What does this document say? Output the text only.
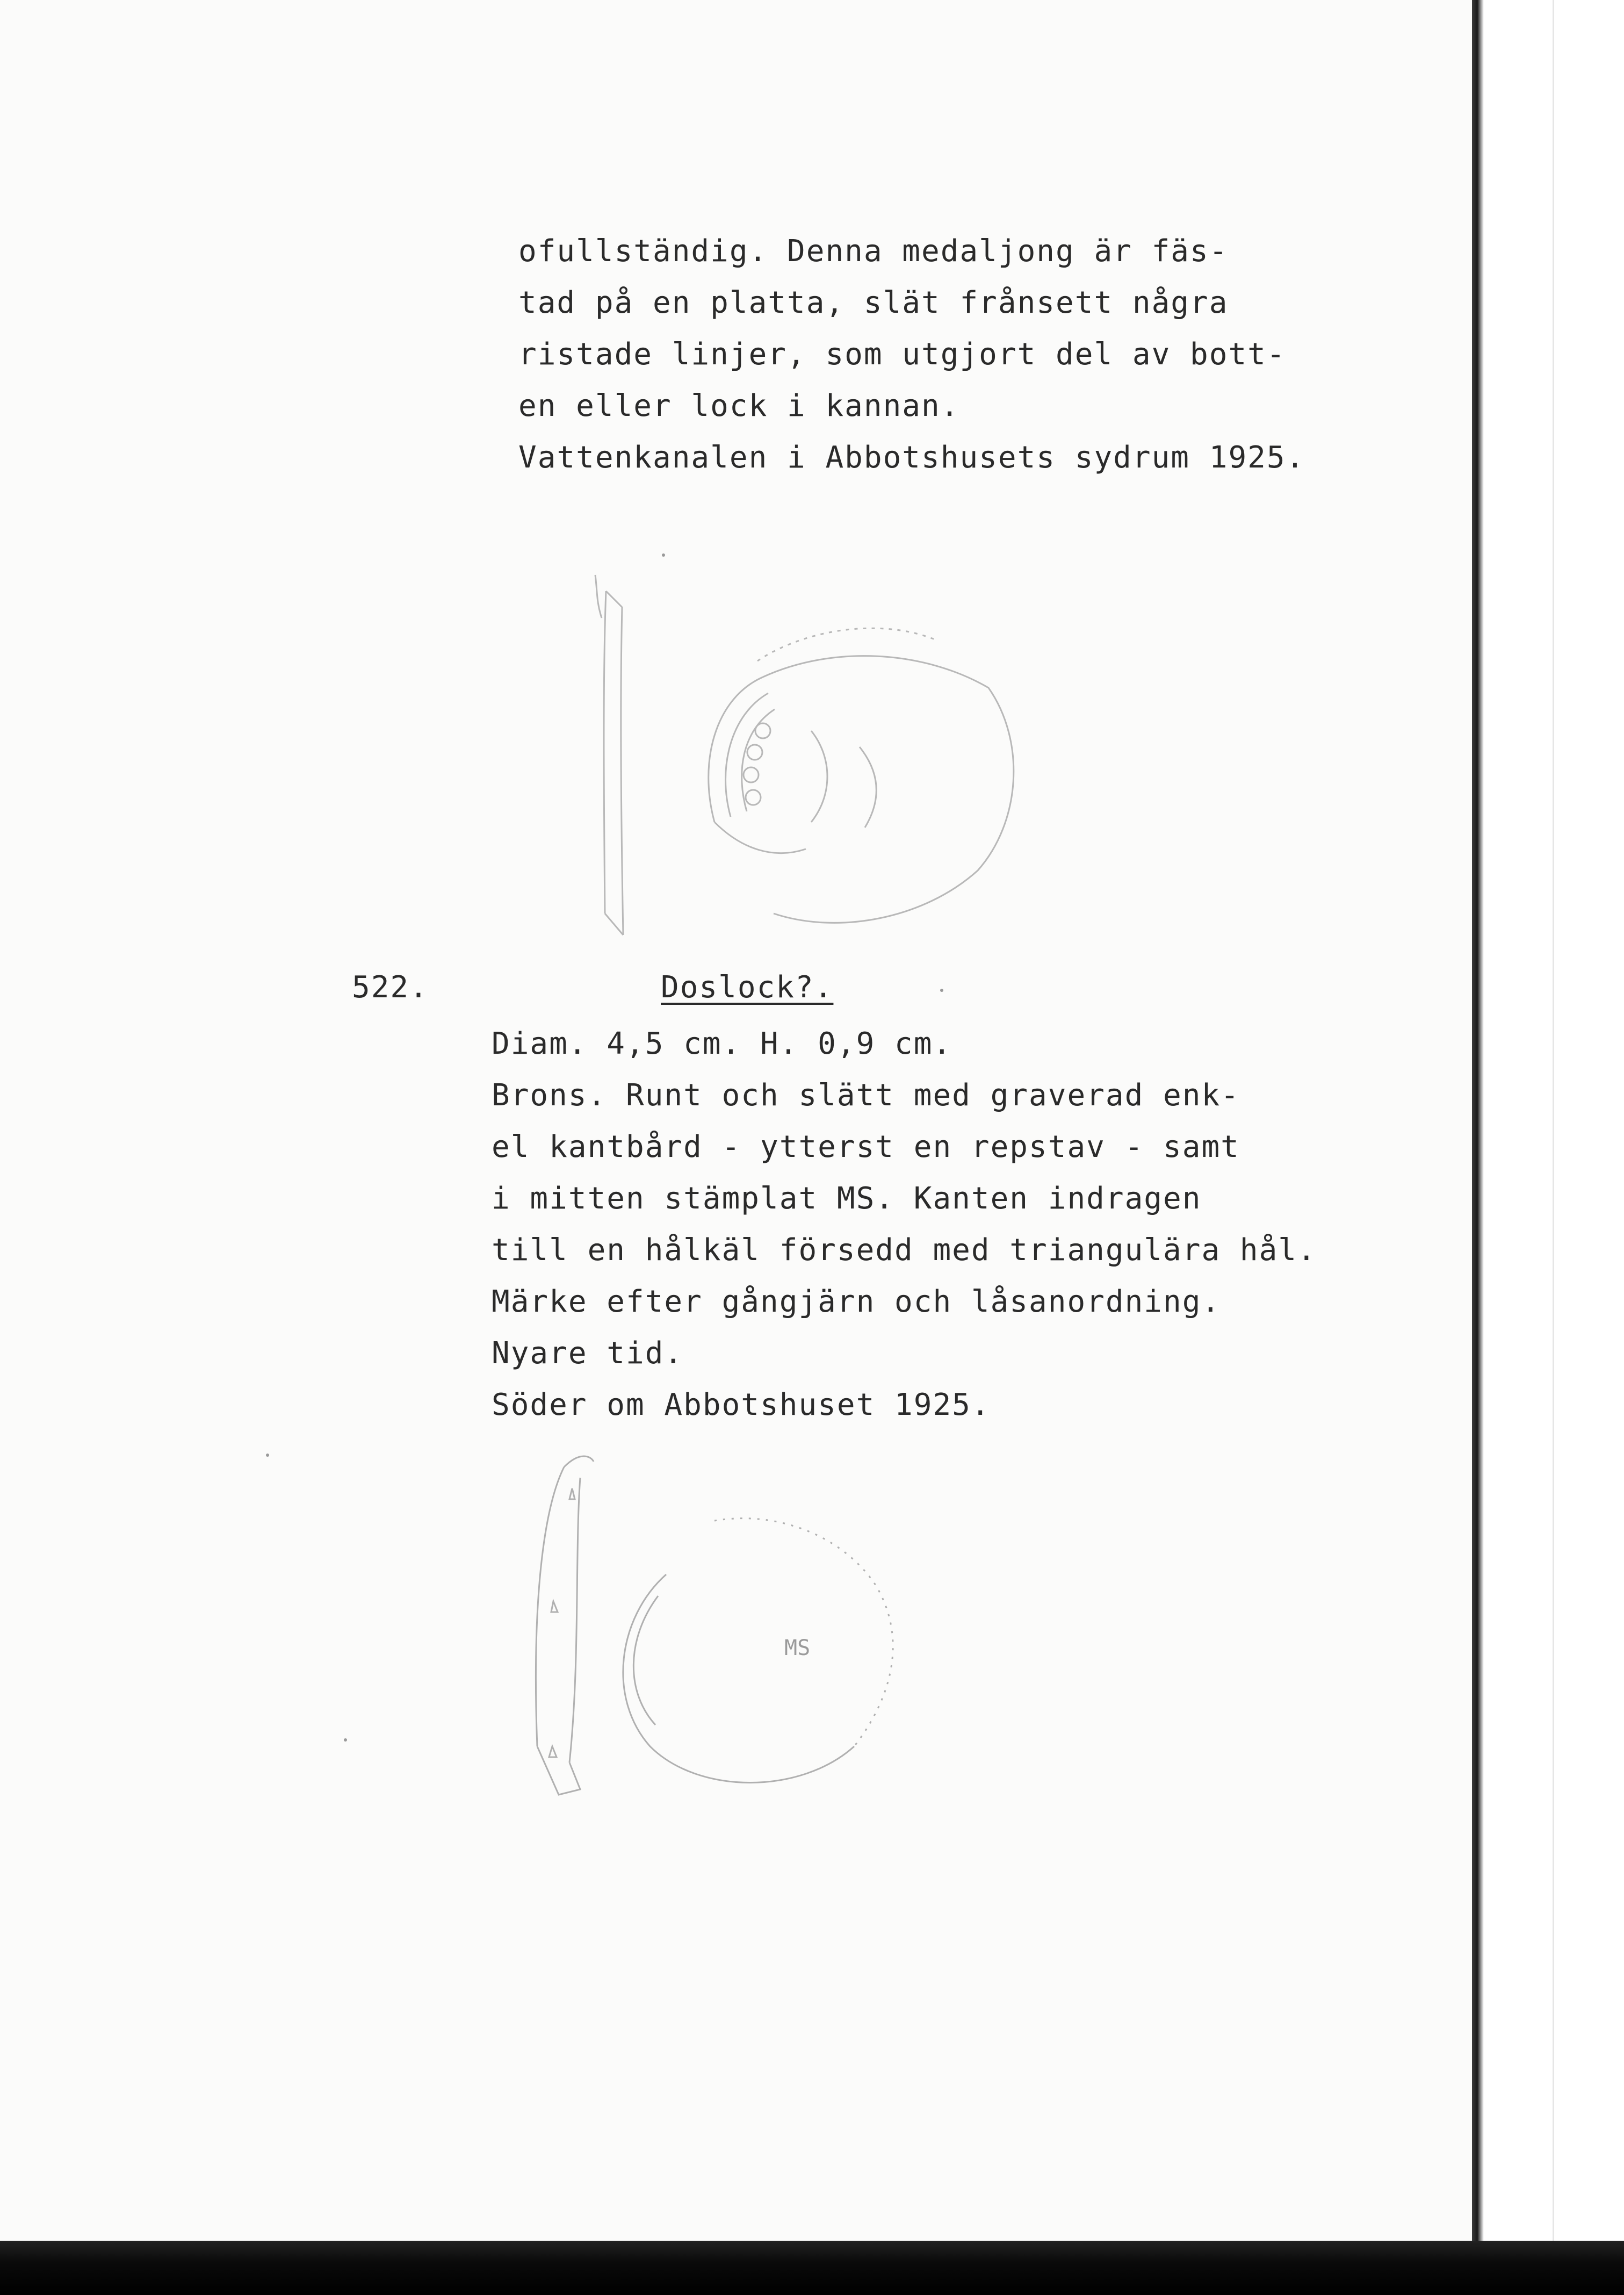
ofullständig. Denna medaljong är fäs-
tad på en platta, slät frånsett några
ristade linjer, som utgjort del av bott-
en eller lock i kannan.
Vattenkanalen i Abbotshusets sydrum 1925.
522.	Doslock?.
Diam. 4,5 cm. H. 0,9 cm.
Brons. Runt och slätt med graverad enk-
el kantbård - ytterst en repstav - samt
i mitten stämplat MS. Kanten indragen
till en hålkäl försedd med triangulära hål.
Märke efter gångjärn och låsanordning.
Nyare tid.
Söder om Abbotshuset 1925.
MS
